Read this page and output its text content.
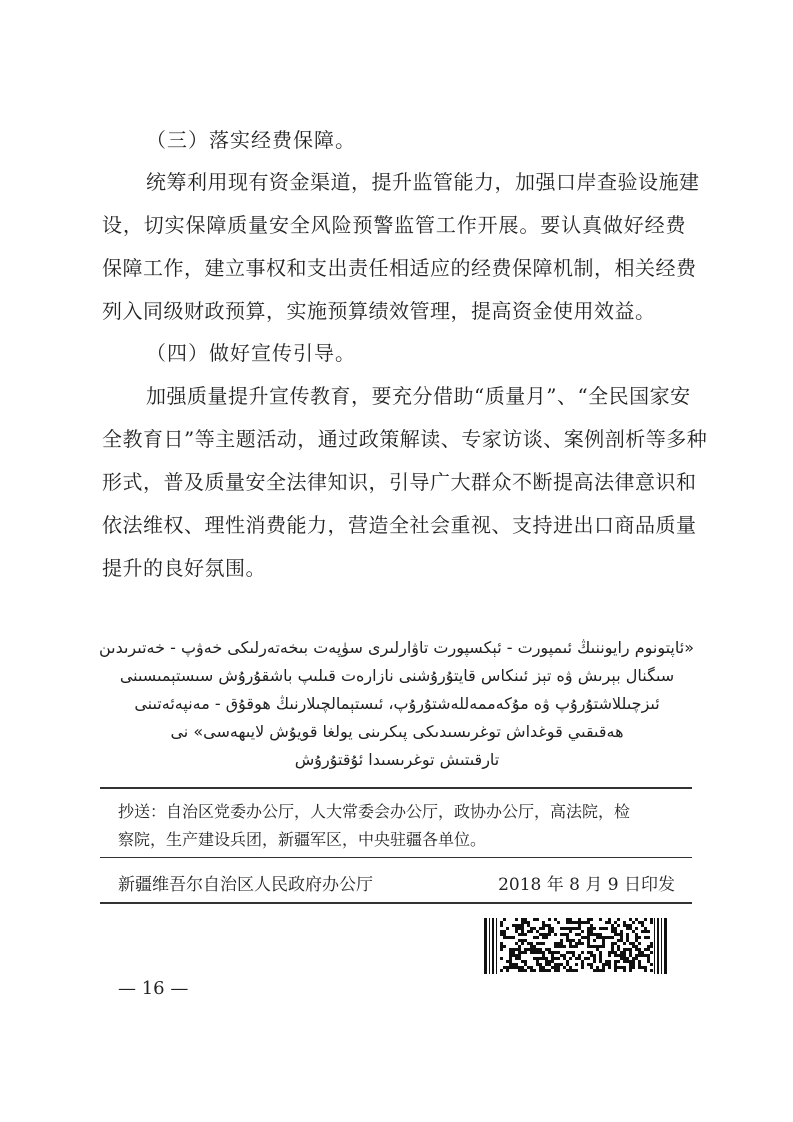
（三）落实经费保障。
统筹利用现有资金渠道，提升监管能力，加强口岸查验设施建
设，切实保障质量安全风险预警监管工作开展。要认真做好经费
保障工作，建立事权和支出责任相适应的经费保障机制，相关经费
列入同级财政预算，实施预算绩效管理，提高资金使用效益。
（四）做好宣传引导。
加强质量提升宣传教育，要充分借助“质量月”、“全民国家安
全教育日”等主题活动，通过政策解读、专家访谈、案例剖析等多种
形式，普及质量安全法律知识，引导广大群众不断提高法律意识和
依法维权、理性消费能力，营造全社会重视、支持进出口商品质量
提升的良好氛围。
«ئاپتونوم رايوننىڭ ئىمپورت - ئېكسپورت تاۋارلىرى سۈپەت بىخەتەرلىكى خەۋپ - خەتىرىدىن
سىگنال بېرىش ۋە تېز ئىنكاس قايتۇرۇشنى نازارەت قىلىپ باشقۇرۇش سىستېمىسىنى
ئىزچىللاشتۇرۇپ ۋە مۇكەممەللەشتۇرۇپ، ئىستېمالچىلارنىڭ ھوقۇق - مەنپەئەتىنى
ھەقىقىي قوغداش توغرىسىدىكى پىكرىنى يولغا قويۇش لايىھەسى» نى
تارقىتىش توغرىسىدا ئۇقتۇرۇش
抄送：自治区党委办公厅，人大常委会办公厅，政协办公厅，高法院，检
察院，生产建设兵团，新疆军区，中央驻疆各单位。
新疆维吾尔自治区人民政府办公厅	2018 年 8 月 9 日印发
— 16 —
